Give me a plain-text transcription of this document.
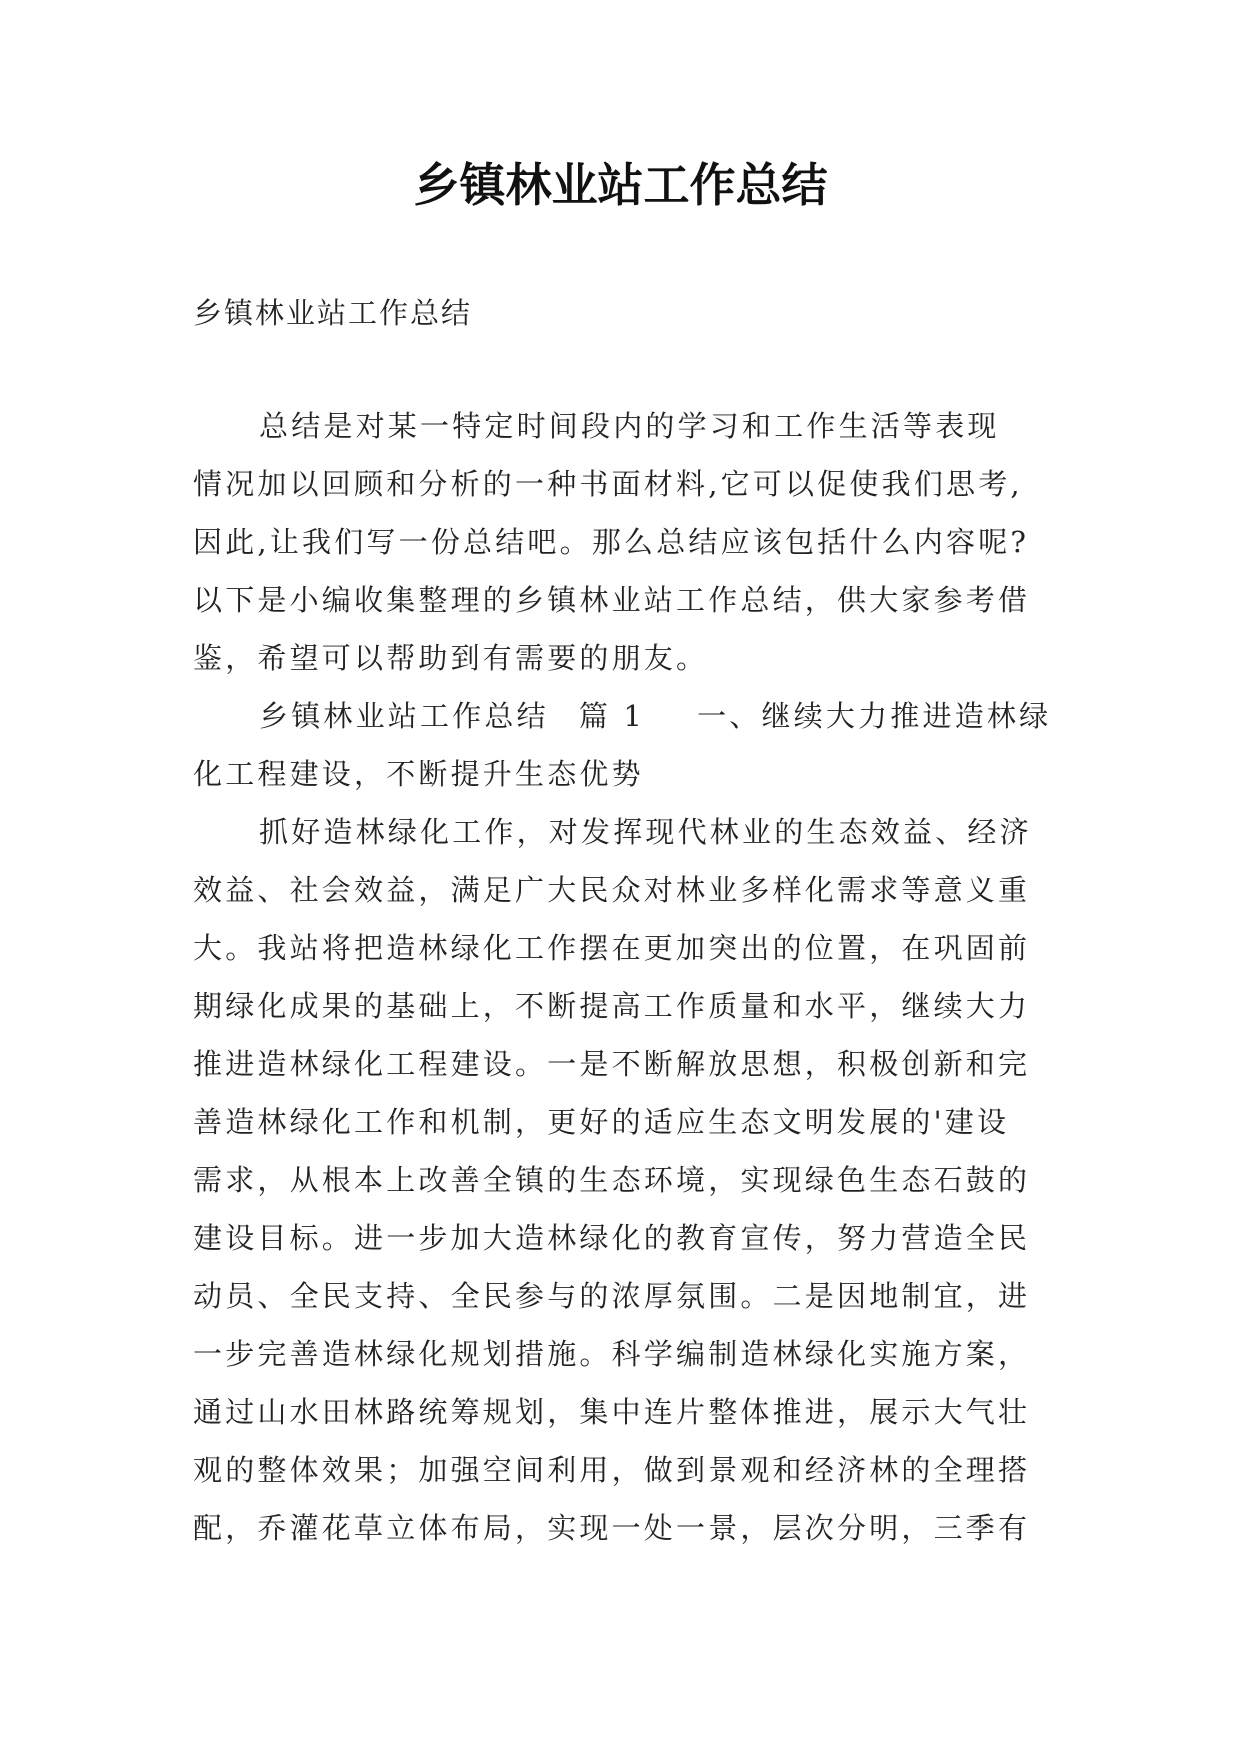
乡镇林业站工作总结

乡镇林业站工作总结

总结是对某一特定时间段内的学习和工作生活等表现
情况加以回顾和分析的一种书面材料,它可以促使我们思考,
因此,让我们写一份总结吧。那么总结应该包括什么内容呢?
以下是小编收集整理的乡镇林业站工作总结，供大家参考借
鉴，希望可以帮助到有需要的朋友。
乡镇林业站工作总结 篇 1 一、继续大力推进造林绿
化工程建设，不断提升生态优势
抓好造林绿化工作，对发挥现代林业的生态效益、经济
效益、社会效益，满足广大民众对林业多样化需求等意义重
大。我站将把造林绿化工作摆在更加突出的位置，在巩固前
期绿化成果的基础上，不断提高工作质量和水平，继续大力
推进造林绿化工程建设。一是不断解放思想，积极创新和完
善造林绿化工作和机制，更好的适应生态文明发展的'建设
需求，从根本上改善全镇的生态环境，实现绿色生态石鼓的
建设目标。进一步加大造林绿化的教育宣传，努力营造全民
动员、全民支持、全民参与的浓厚氛围。二是因地制宜，进
一步完善造林绿化规划措施。科学编制造林绿化实施方案，
通过山水田林路统筹规划，集中连片整体推进，展示大气壮
观的整体效果；加强空间利用，做到景观和经济林的全理搭
配，乔灌花草立体布局，实现一处一景，层次分明，三季有
